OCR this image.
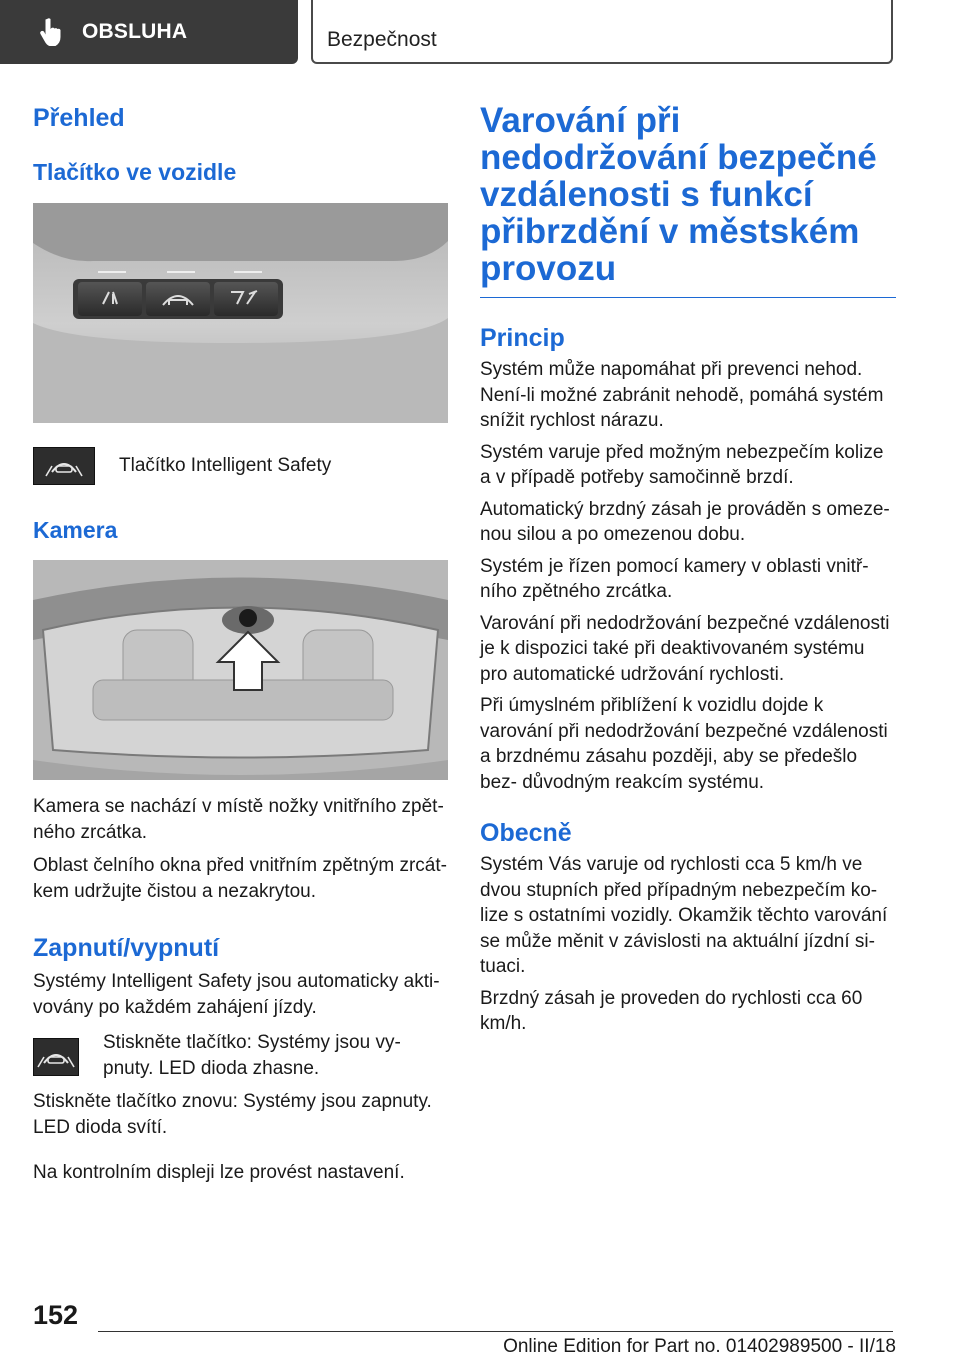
OBSLUHA	Bezpečnost

Přehled

Tlačítko ve vozidle

Tlačítko Intelligent Safety

Kamera

Kamera se nachází v místě nožky vnitřního zpět‐ ného zrcátka.

Oblast čelního okna před vnitřním zpětným zrcát‐ kem udržujte čistou a nezakrytou.

Zapnutí/vypnutí

Systémy Intelligent Safety jsou automaticky akti‐ vovány po každém zahájení jízdy.

Stiskněte tlačítko: Systémy jsou vy‐ pnuty. LED dioda zhasne.

Stiskněte tlačítko znovu: Systémy jsou zapnuty. LED dioda svítí.

Na kontrolním displeji lze provést nastavení.

Varování při nedodržování bezpečné vzdálenosti s funkcí přibrzdění v městském provozu

Princip

Systém může napomáhat při prevenci nehod. Není-li možné zabránit nehodě, pomáhá systém snížit rychlost nárazu.

Systém varuje před možným nebezpečím kolize a v případě potřeby samočinně brzdí.

Automatický brzdný zásah je prováděn s omeze‐ nou silou a po omezenou dobu.

Systém je řízen pomocí kamery v oblasti vnitř‐ ního zpětného zrcátka.

Varování při nedodržování bezpečné vzdálenosti je k dispozici také při deaktivovaném systému pro automatické udržování rychlosti.

Při úmyslném přiblížení k vozidlu dojde k varování při nedodržování bezpečné vzdálenosti a brzdnému zásahu později, aby se předešlo bez‐ důvodným reakcím systému.

Obecně

Systém Vás varuje od rychlosti cca 5 km/h ve dvou stupních před případným nebezpečím ko‐ lize s ostatními vozidly. Okamžik těchto varování se může měnit v závislosti na aktuální jízdní si‐ tuaci.

Brzdný zásah je proveden do rychlosti cca 60 km/h.

152
Online Edition for Part no. 01402989500 - II/18
